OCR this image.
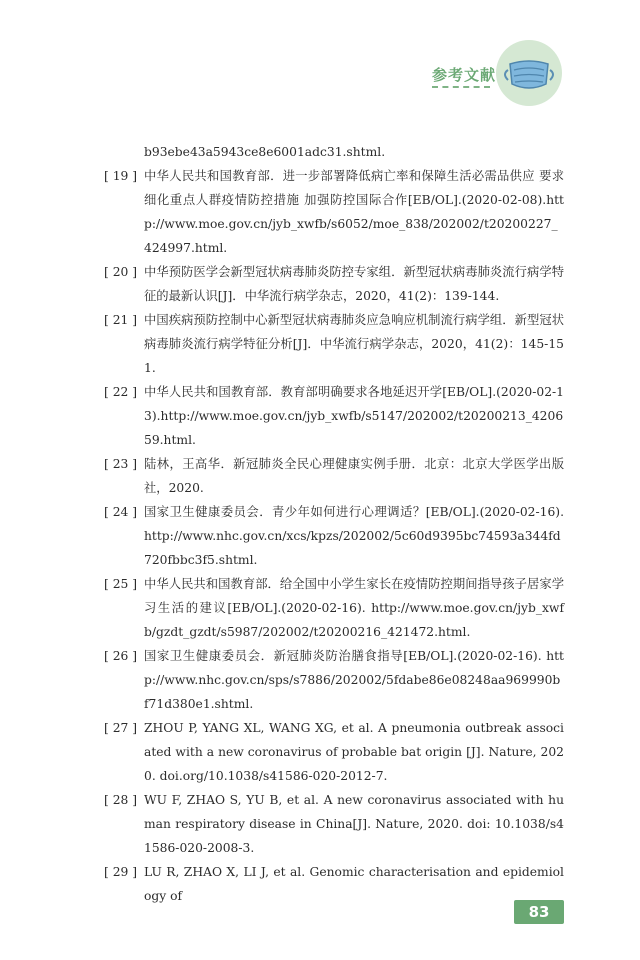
参考文献
b93ebe43a5943ce8e6001adc31.shtml.
[ 19 ] 中华人民共和国教育部．进一步部署降低病亡率和保障生活必需品供应 要求细化重点人群疫情防控措施 加强防控国际合作[EB/OL].(2020-02-08).http://www.moe.gov.cn/jyb_xwfb/s6052/moe_838/202002/t20200227_424997.html.
[ 20 ] 中华预防医学会新型冠状病毒肺炎防控专家组．新型冠状病毒肺炎流行病学特征的最新认识[J]．中华流行病学杂志，2020，41(2)：139-144.
[ 21 ] 中国疾病预防控制中心新型冠状病毒肺炎应急响应机制流行病学组．新型冠状病毒肺炎流行病学特征分析[J]．中华流行病学杂志，2020，41(2)：145-151.
[ 22 ] 中华人民共和国教育部．教育部明确要求各地延迟开学[EB/OL].(2020-02-13).http://www.moe.gov.cn/jyb_xwfb/s5147/202002/t20200213_420659.html.
[ 23 ] 陆林，王高华．新冠肺炎全民心理健康实例手册．北京：北京大学医学出版社，2020.
[ 24 ] 国家卫生健康委员会．青少年如何进行心理调适？[EB/OL].(2020-02-16). http://www.nhc.gov.cn/xcs/kpzs/202002/5c60d9395bc74593a344fd720fbbc3f5.shtml.
[ 25 ] 中华人民共和国教育部．给全国中小学生家长在疫情防控期间指导孩子居家学习生活的建议[EB/OL].(2020-02-16). http://www.moe.gov.cn/jyb_xwfb/gzdt_gzdt/s5987/202002/t20200216_421472.html.
[ 26 ] 国家卫生健康委员会．新冠肺炎防治膳食指导[EB/OL].(2020-02-16). http://www.nhc.gov.cn/sps/s7886/202002/5fdabe86e08248aa969990bf71d380e1.shtml.
[ 27 ] ZHOU P, YANG XL, WANG XG, et al. A pneumonia outbreak associated with a new coronavirus of probable bat origin [J]. Nature, 2020. doi.org/10.1038/s41586-020-2012-7.
[ 28 ] WU F, ZHAO S, YU B, et al. A new coronavirus associated with human respiratory disease in China[J]. Nature, 2020. doi: 10.1038/s41586-020-2008-3.
[ 29 ] LU R, ZHAO X, LI J, et al. Genomic characterisation and epidemiology of
83
